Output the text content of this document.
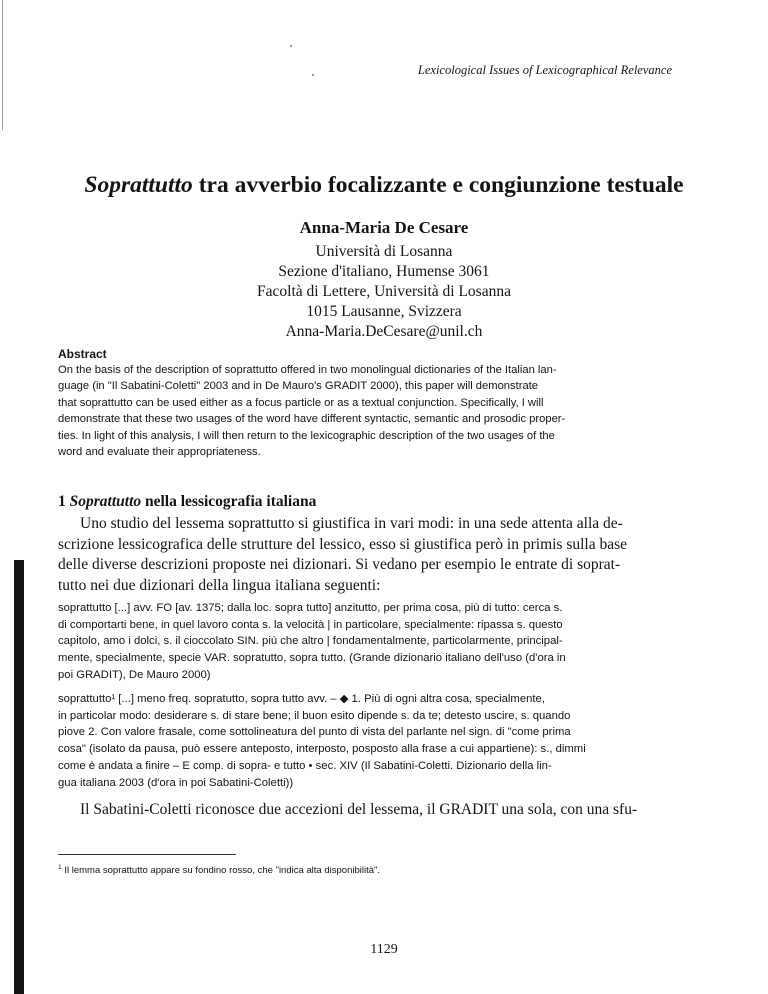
Lexicological Issues of Lexicographical Relevance
Soprattutto tra avverbio focalizzante e congiunzione testuale
Anna-Maria De Cesare
Università di Losanna
Sezione d'italiano, Humense 3061
Facoltà di Lettere, Università di Losanna
1015 Lausanne, Svizzera
Anna-Maria.DeCesare@unil.ch
Abstract
On the basis of the description of soprattutto offered in two monolingual dictionaries of the Italian lan-
guage (in "Il Sabatini-Coletti" 2003 and in De Mauro's GRADIT 2000), this paper will demonstrate
that soprattutto can be used either as a focus particle or as a textual conjunction. Specifically, I will
demonstrate that these two usages of the word have different syntactic, semantic and prosodic proper-
ties. In light of this analysis, I will then return to the lexicographic description of the two usages of the
word and evaluate their appropriateness.
1 Soprattutto nella lessicografia italiana
Uno studio del lessema soprattutto si giustifica in vari modi: in una sede attenta alla de-
scrizione lessicografica delle strutture del lessico, esso si giustifica però in primis sulla base
delle diverse descrizioni proposte nei dizionari. Si vedano per esempio le entrate di soprat-
tutto nei due dizionari della lingua italiana seguenti:
soprattutto [...] avv. FO [av. 1375; dalla loc. sopra tutto] anzitutto, per prima cosa, più di tutto: cerca s.
di comportarti bene, in quel lavoro conta s. la velocità | in particolare, specialmente: ripassa s. questo
capitolo, amo i dolci, s. il cioccolato SIN. più che altro | fondamentalmente, particolarmente, principal-
mente, specialmente, specie VAR. sopratutto, sopra tutto. (Grande dizionario italiano dell'uso (d'ora in
poi GRADIT), De Mauro 2000)
soprattutto¹ [...] meno freq. sopratutto, sopra tutto avv. – ◆ 1. Più di ogni altra cosa, specialmente,
in particolar modo: desiderare s. di stare bene; il buon esito dipende s. da te; detesto uscire, s. quando
piove 2. Con valore frasale, come sottolineatura del punto di vista del parlante nel sign. di "come prima
cosa" (isolato da pausa, può essere anteposto, interposto, posposto alla frase a cui appartiene): s., dimmi
come è andata a finire – E comp. di sopra- e tutto • sec. XIV (Il Sabatini-Coletti. Dizionario della lin-
gua italiana 2003 (d'ora in poi Sabatini-Coletti))
Il Sabatini-Coletti riconosce due accezioni del lessema, il GRADIT una sola, con una sfu-
$^1$ Il lemma soprattutto appare su fondino rosso, che "indica alta disponibilità".
1129
